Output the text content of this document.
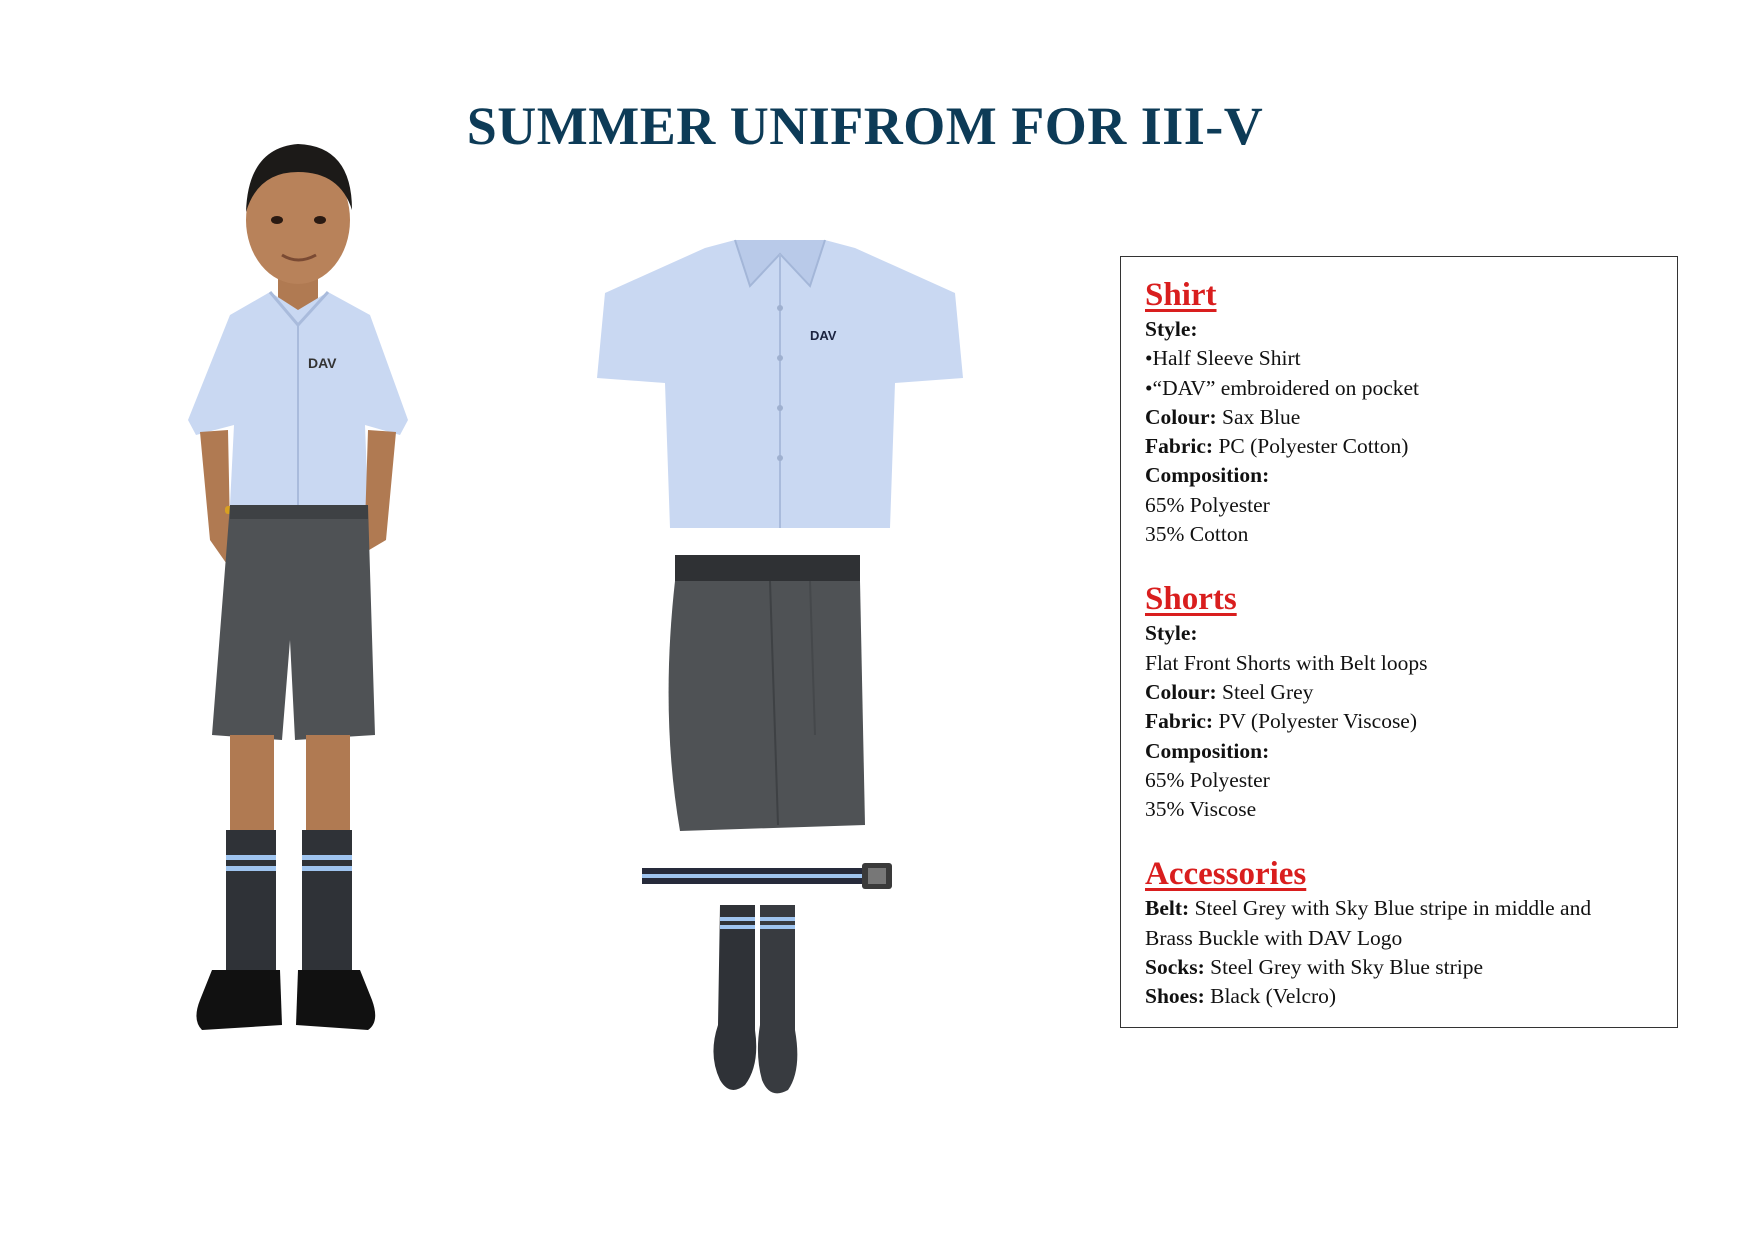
SUMMER UNIFROM FOR III-V
DAV
DAV
Shirt
Style:
•Half Sleeve Shirt
•“DAV” embroidered on pocket
Colour: Sax Blue
Fabric: PC (Polyester Cotton)
Composition:
65% Polyester
35% Cotton
Shorts
Style:
Flat Front Shorts with Belt loops
Colour: Steel Grey
Fabric: PV (Polyester Viscose)
Composition:
65% Polyester
35% Viscose
Accessories
Belt: Steel Grey with Sky Blue stripe in middle and
Brass Buckle with DAV Logo
Socks: Steel Grey with Sky Blue stripe
Shoes: Black (Velcro)
